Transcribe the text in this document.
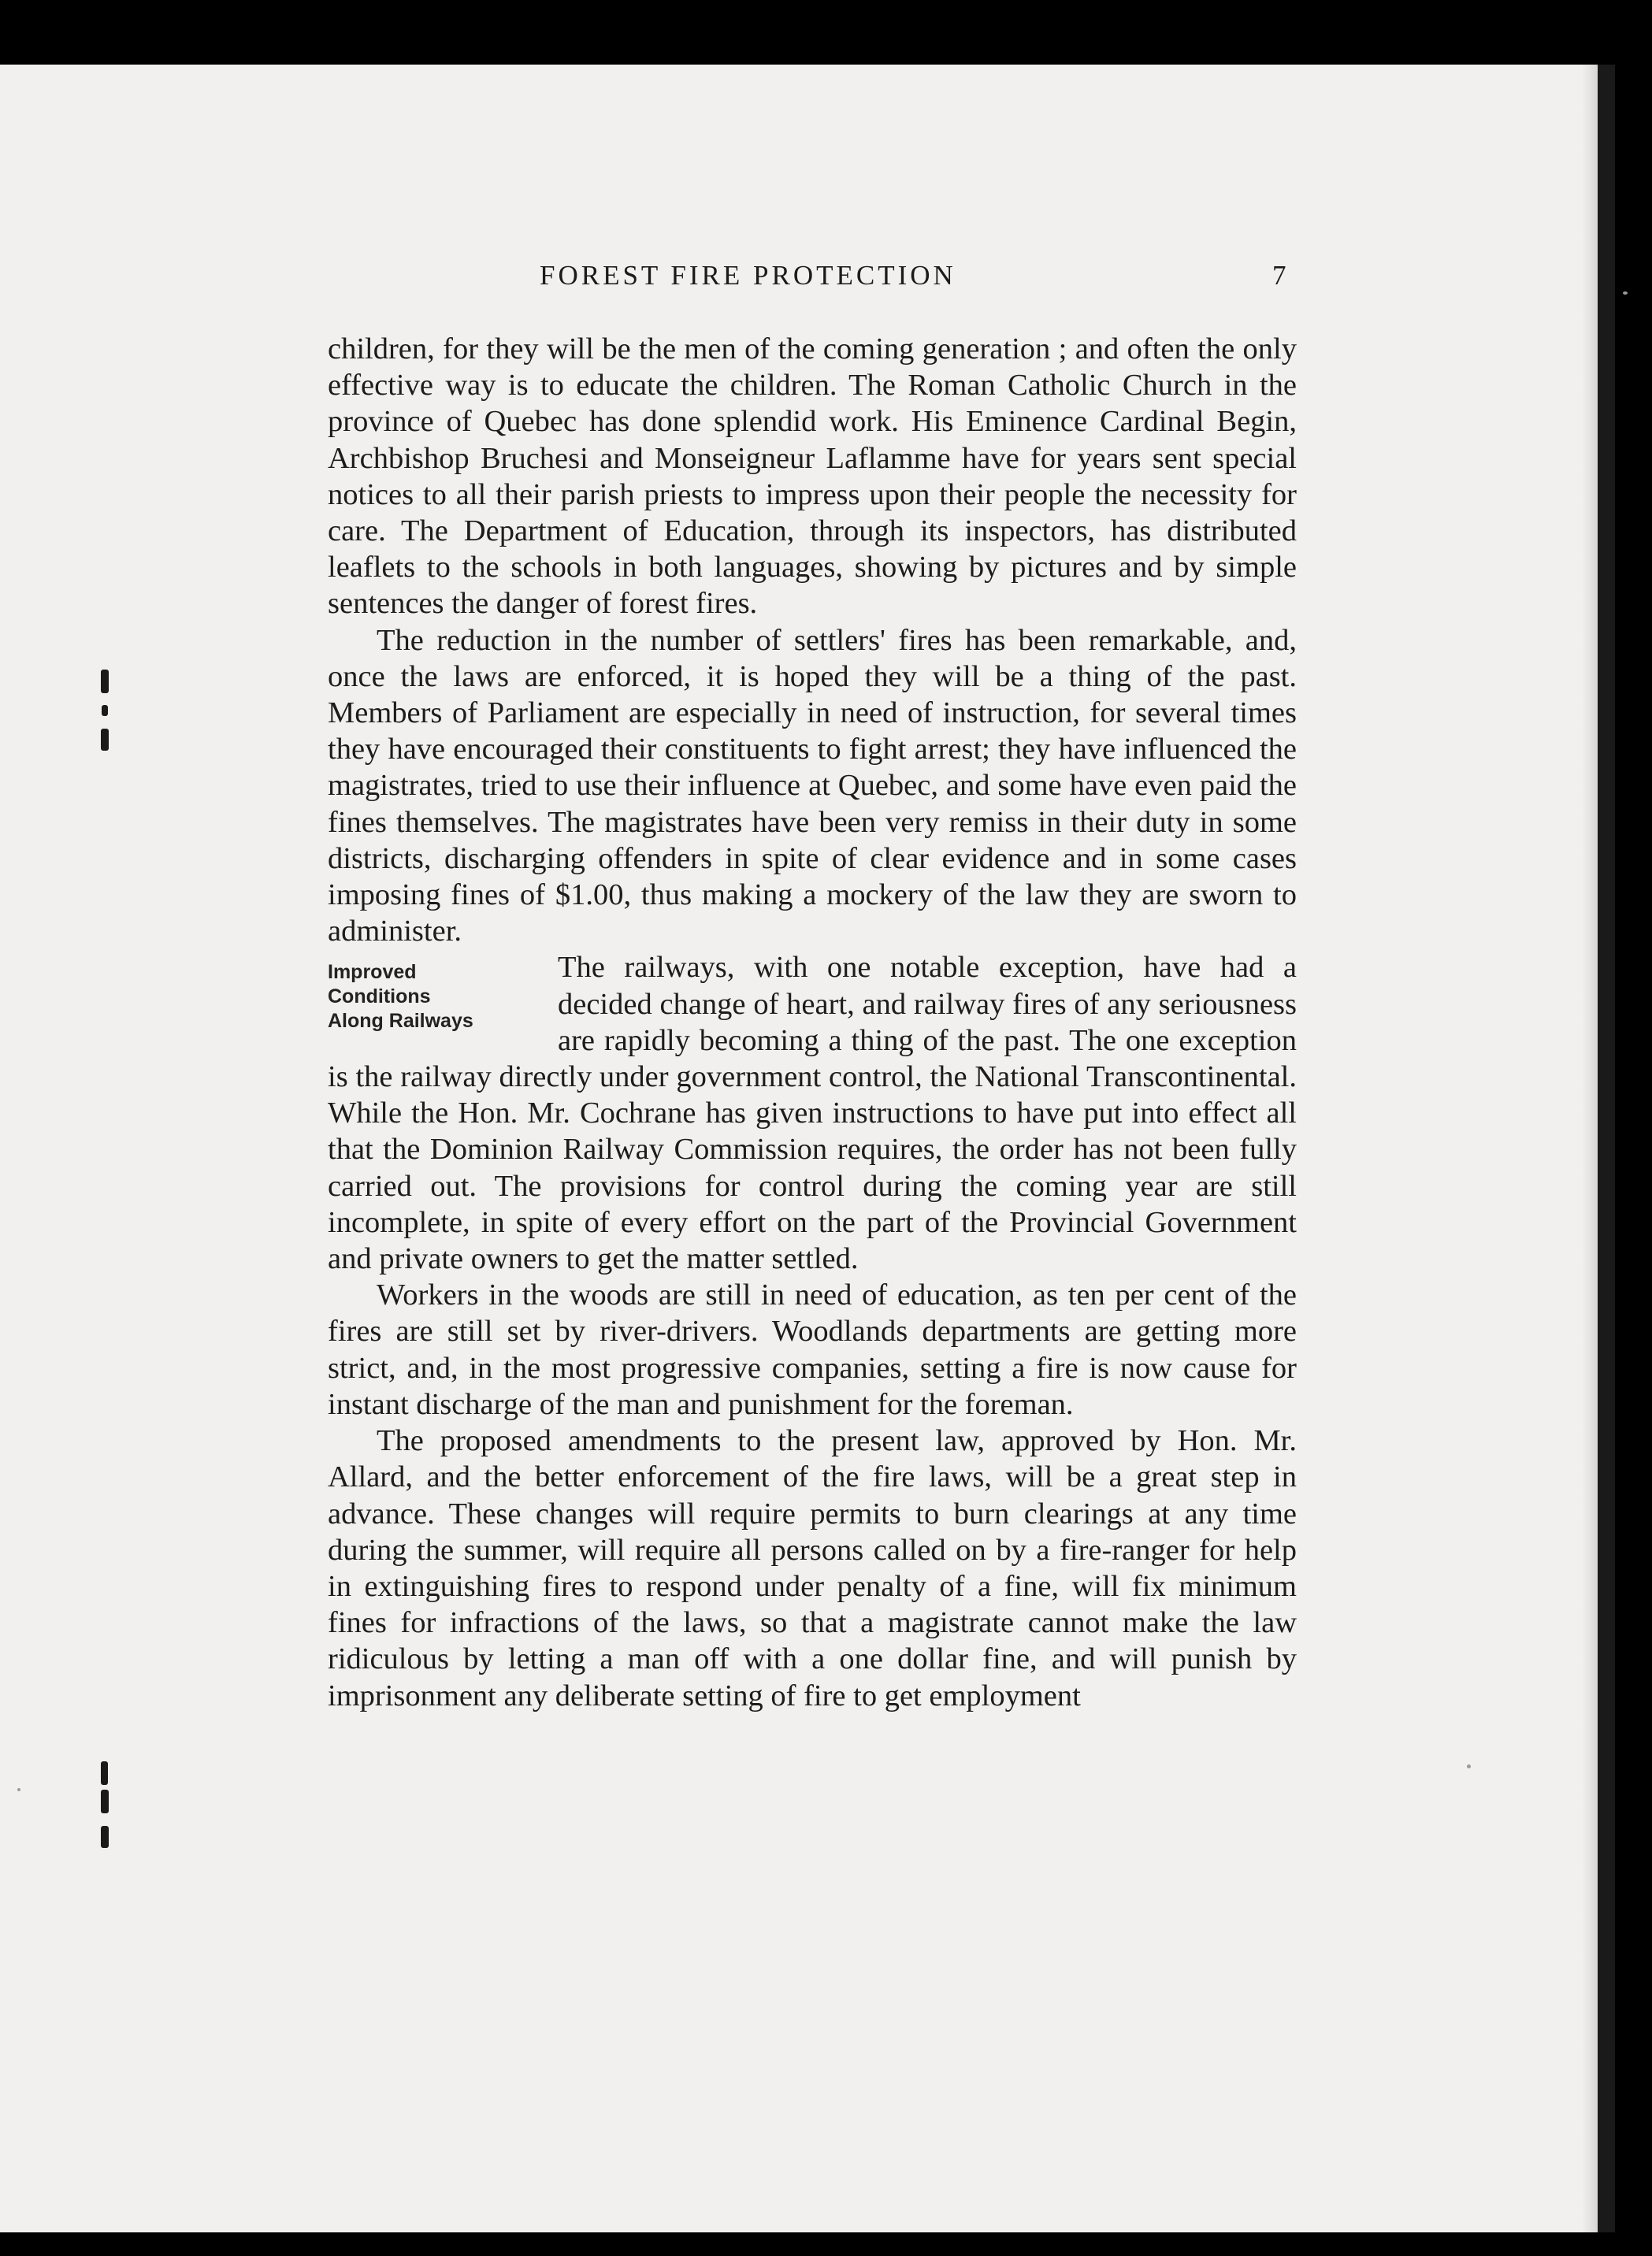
FOREST FIRE PROTECTION	7

children, for they will be the men of the coming generation ; and often the only effective way is to educate the children. The Roman Catholic Church in the province of Quebec has done splendid work. His Eminence Cardinal Begin, Archbishop Bruchesi and Monseigneur Laflamme have for years sent special notices to all their parish priests to impress upon their people the necessity for care. The Department of Education, through its inspectors, has distributed leaflets to the schools in both languages, showing by pictures and by simple sentences the danger of forest fires.

The reduction in the number of settlers' fires has been remarkable, and, once the laws are enforced, it is hoped they will be a thing of the past. Members of Parliament are especially in need of instruction, for several times they have encouraged their constituents to fight arrest; they have influenced the magistrates, tried to use their influence at Quebec, and some have even paid the fines themselves. The magistrates have been very remiss in their duty in some districts, discharging offenders in spite of clear evidence and in some cases imposing fines of $1.00, thus making a mockery of the law they are sworn to administer.

Improved
Conditions
Along Railways
The railways, with one notable exception, have had a decided change of heart, and railway fires of any seriousness are rapidly becoming a thing of the past. The one exception is the railway directly under government control, the National Transcontinental. While the Hon. Mr. Cochrane has given instructions to have put into effect all that the Dominion Railway Commission requires, the order has not been fully carried out. The provisions for control during the coming year are still incomplete, in spite of every effort on the part of the Provincial Government and private owners to get the matter settled.

Workers in the woods are still in need of education, as ten per cent of the fires are still set by river-drivers. Woodlands departments are getting more strict, and, in the most progressive companies, setting a fire is now cause for instant discharge of the man and punishment for the foreman.

The proposed amendments to the present law, approved by Hon. Mr. Allard, and the better enforcement of the fire laws, will be a great step in advance. These changes will require permits to burn clearings at any time during the summer, will require all persons called on by a fire-ranger for help in extinguishing fires to respond under penalty of a fine, will fix minimum fines for infractions of the laws, so that a magistrate cannot make the law ridiculous by letting a man off with a one dollar fine, and will punish by imprisonment any deliberate setting of fire to get employment
